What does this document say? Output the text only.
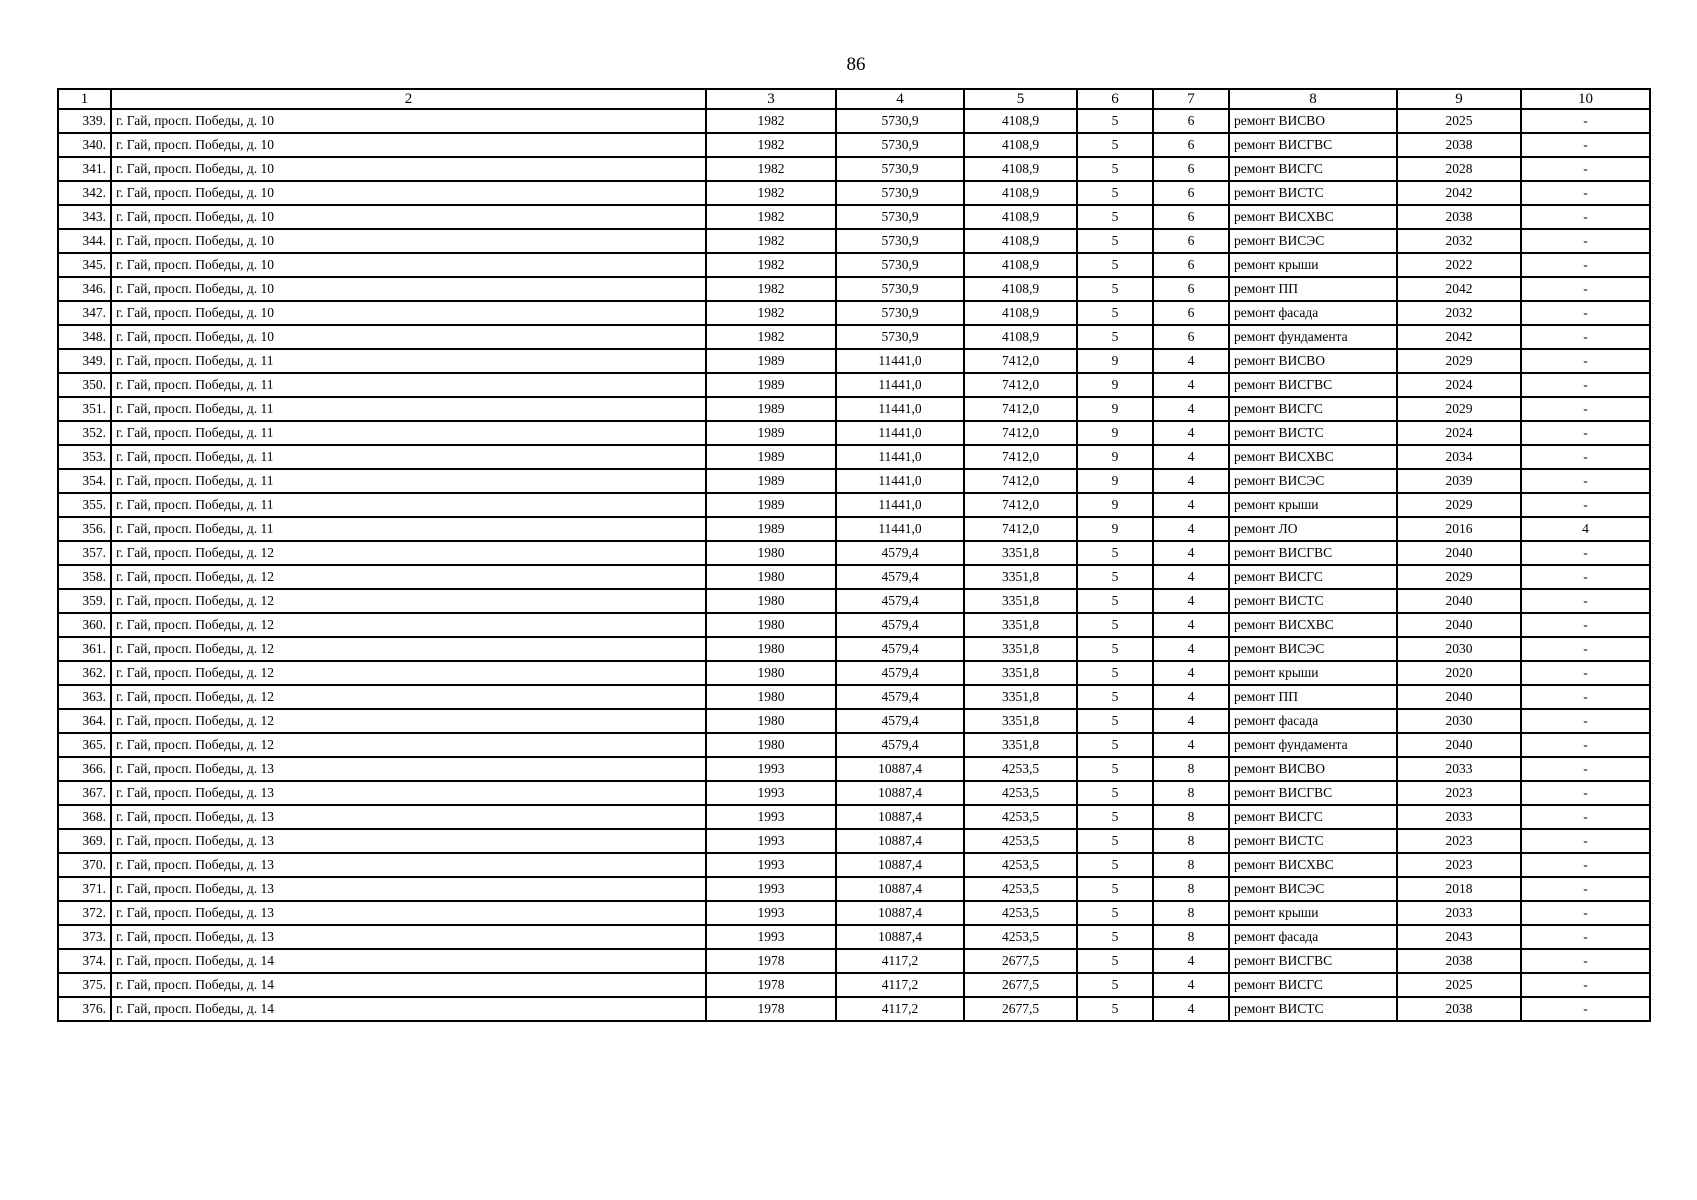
86
1	2	3	4	5	6	7	8	9	10
339.	г. Гай, просп. Победы, д. 10	1982	5730,9	4108,9	5	6	ремонт ВИСВО	2025	-
340.	г. Гай, просп. Победы, д. 10	1982	5730,9	4108,9	5	6	ремонт ВИСГВС	2038	-
341.	г. Гай, просп. Победы, д. 10	1982	5730,9	4108,9	5	6	ремонт ВИСГС	2028	-
342.	г. Гай, просп. Победы, д. 10	1982	5730,9	4108,9	5	6	ремонт ВИСТС	2042	-
343.	г. Гай, просп. Победы, д. 10	1982	5730,9	4108,9	5	6	ремонт ВИСХВС	2038	-
344.	г. Гай, просп. Победы, д. 10	1982	5730,9	4108,9	5	6	ремонт ВИСЭС	2032	-
345.	г. Гай, просп. Победы, д. 10	1982	5730,9	4108,9	5	6	ремонт крыши	2022	-
346.	г. Гай, просп. Победы, д. 10	1982	5730,9	4108,9	5	6	ремонт ПП	2042	-
347.	г. Гай, просп. Победы, д. 10	1982	5730,9	4108,9	5	6	ремонт фасада	2032	-
348.	г. Гай, просп. Победы, д. 10	1982	5730,9	4108,9	5	6	ремонт фундамента	2042	-
349.	г. Гай, просп. Победы, д. 11	1989	11441,0	7412,0	9	4	ремонт ВИСВО	2029	-
350.	г. Гай, просп. Победы, д. 11	1989	11441,0	7412,0	9	4	ремонт ВИСГВС	2024	-
351.	г. Гай, просп. Победы, д. 11	1989	11441,0	7412,0	9	4	ремонт ВИСГС	2029	-
352.	г. Гай, просп. Победы, д. 11	1989	11441,0	7412,0	9	4	ремонт ВИСТС	2024	-
353.	г. Гай, просп. Победы, д. 11	1989	11441,0	7412,0	9	4	ремонт ВИСХВС	2034	-
354.	г. Гай, просп. Победы, д. 11	1989	11441,0	7412,0	9	4	ремонт ВИСЭС	2039	-
355.	г. Гай, просп. Победы, д. 11	1989	11441,0	7412,0	9	4	ремонт крыши	2029	-
356.	г. Гай, просп. Победы, д. 11	1989	11441,0	7412,0	9	4	ремонт ЛО	2016	4
357.	г. Гай, просп. Победы, д. 12	1980	4579,4	3351,8	5	4	ремонт ВИСГВС	2040	-
358.	г. Гай, просп. Победы, д. 12	1980	4579,4	3351,8	5	4	ремонт ВИСГС	2029	-
359.	г. Гай, просп. Победы, д. 12	1980	4579,4	3351,8	5	4	ремонт ВИСТС	2040	-
360.	г. Гай, просп. Победы, д. 12	1980	4579,4	3351,8	5	4	ремонт ВИСХВС	2040	-
361.	г. Гай, просп. Победы, д. 12	1980	4579,4	3351,8	5	4	ремонт ВИСЭС	2030	-
362.	г. Гай, просп. Победы, д. 12	1980	4579,4	3351,8	5	4	ремонт крыши	2020	-
363.	г. Гай, просп. Победы, д. 12	1980	4579,4	3351,8	5	4	ремонт ПП	2040	-
364.	г. Гай, просп. Победы, д. 12	1980	4579,4	3351,8	5	4	ремонт фасада	2030	-
365.	г. Гай, просп. Победы, д. 12	1980	4579,4	3351,8	5	4	ремонт фундамента	2040	-
366.	г. Гай, просп. Победы, д. 13	1993	10887,4	4253,5	5	8	ремонт ВИСВО	2033	-
367.	г. Гай, просп. Победы, д. 13	1993	10887,4	4253,5	5	8	ремонт ВИСГВС	2023	-
368.	г. Гай, просп. Победы, д. 13	1993	10887,4	4253,5	5	8	ремонт ВИСГС	2033	-
369.	г. Гай, просп. Победы, д. 13	1993	10887,4	4253,5	5	8	ремонт ВИСТС	2023	-
370.	г. Гай, просп. Победы, д. 13	1993	10887,4	4253,5	5	8	ремонт ВИСХВС	2023	-
371.	г. Гай, просп. Победы, д. 13	1993	10887,4	4253,5	5	8	ремонт ВИСЭС	2018	-
372.	г. Гай, просп. Победы, д. 13	1993	10887,4	4253,5	5	8	ремонт крыши	2033	-
373.	г. Гай, просп. Победы, д. 13	1993	10887,4	4253,5	5	8	ремонт фасада	2043	-
374.	г. Гай, просп. Победы, д. 14	1978	4117,2	2677,5	5	4	ремонт ВИСГВС	2038	-
375.	г. Гай, просп. Победы, д. 14	1978	4117,2	2677,5	5	4	ремонт ВИСГС	2025	-
376.	г. Гай, просп. Победы, д. 14	1978	4117,2	2677,5	5	4	ремонт ВИСТС	2038	-
